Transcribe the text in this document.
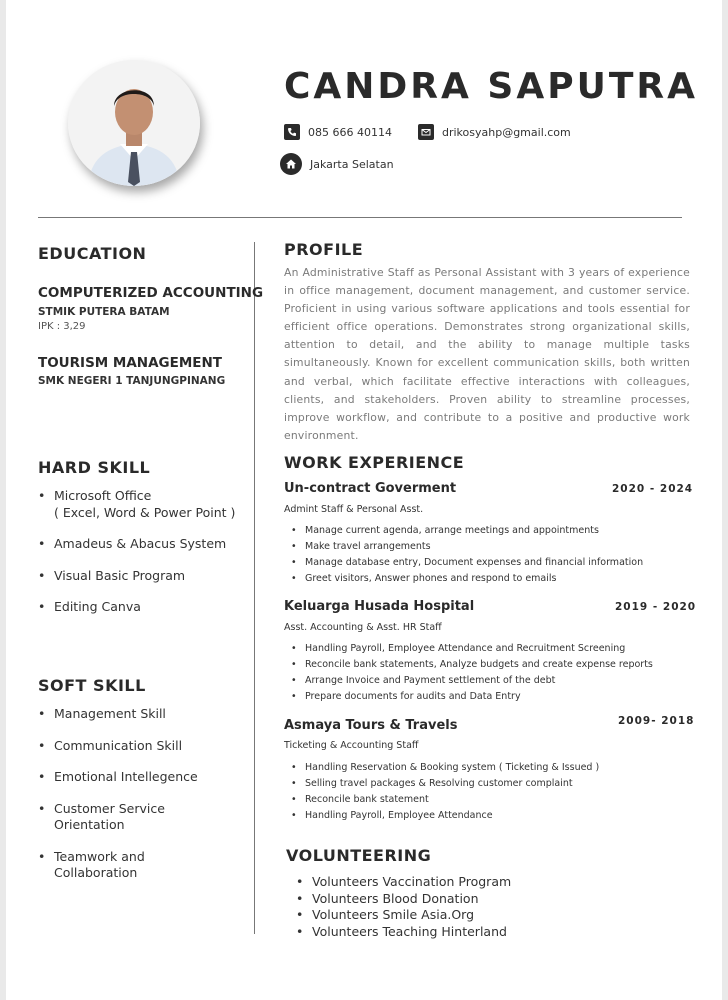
CANDRA SAPUTRA
085 666 40114	drikosyahp@gmail.com
Jakarta Selatan
EDUCATION
COMPUTERIZED ACCOUNTING
STMIK PUTERA BATAM
IPK : 3,29
TOURISM MANAGEMENT
SMK NEGERI 1 TANJUNGPINANG
HARD SKILL
• Microsoft Office
( Excel, Word & Power Point )
• Amadeus & Abacus System
• Visual Basic Program
• Editing Canva
SOFT SKILL
• Management Skill
• Communication Skill
• Emotional Intellegence
• Customer Service
Orientation
• Teamwork and
Collaboration
PROFILE

An Administrative Staff as Personal Assistant with 3 years of experience in office management, document management, and customer service. Proficient in using various software applications and tools essential for efficient office operations. Demonstrates strong organizational skills, attention to detail, and the ability to manage multiple tasks simultaneously. Known for excellent communication skills, both written and verbal, which facilitate effective interactions with colleagues, clients, and stakeholders. Proven ability to streamline processes, improve workflow, and contribute to a positive and productive work environment.

WORK EXPERIENCE
Un-contract Goverment	2020 - 2024
Admint Staff & Personal Asst.
• Manage current agenda, arrange meetings and appointments
• Make travel arrangements
• Manage database entry, Document expenses and financial information
• Greet visitors, Answer phones and respond to emails
Keluarga Husada Hospital	2019 - 2020
Asst. Accounting & Asst. HR Staff
• Handling Payroll, Employee Attendance and Recruitment Screening
• Reconcile bank statements, Analyze budgets and create expense reports
• Arrange Invoice and Payment settlement of the debt
• Prepare documents for audits and Data Entry
Asmaya Tours & Travels	2009- 2018
Ticketing & Accounting Staff
• Handling Reservation & Booking system ( Ticketing & Issued )
• Selling travel packages & Resolving customer complaint
• Reconcile bank statement
• Handling Payroll, Employee Attendance
VOLUNTEERING
• Volunteers Vaccination Program
• Volunteers Blood Donation
• Volunteers Smile Asia.Org
• Volunteers Teaching Hinterland
